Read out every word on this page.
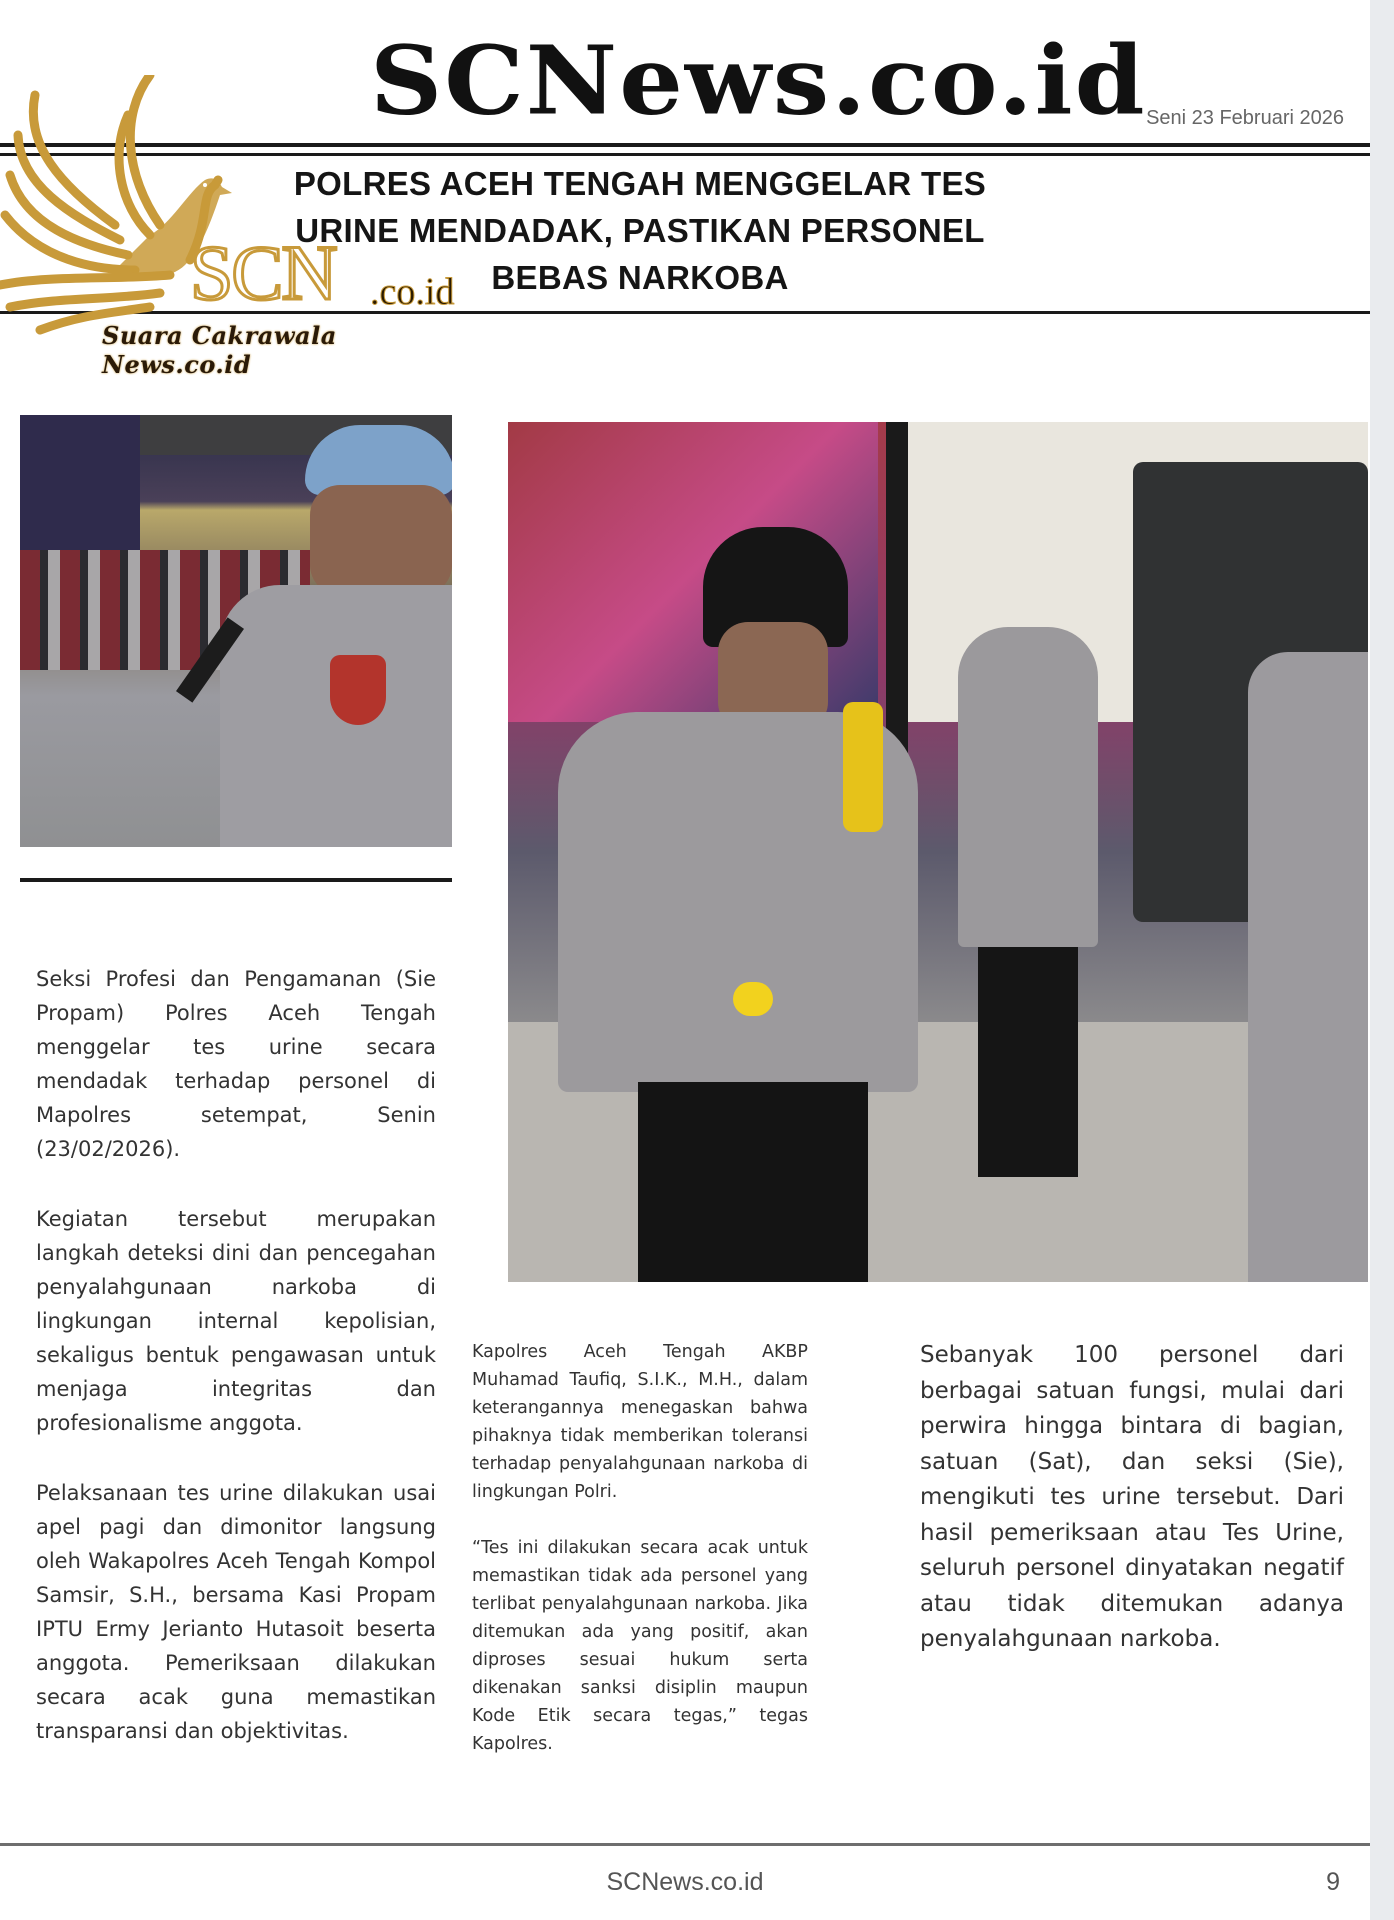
SCNews.co.id Seni 23 Februari 2026
POLRES ACEH TENGAH MENGGELAR TES URINE MENDADAK, PASTIKAN PERSONEL BEBAS NARKOBA
SCN .co.id
Suara Cakrawala News.co.id

Seksi Profesi dan Pengamanan (Sie Propam) Polres Aceh Tengah menggelar tes urine secara mendadak terhadap personel di Mapolres setempat, Senin (23/02/2026).

Kegiatan tersebut merupakan langkah deteksi dini dan pencegahan penyalahgunaan narkoba di lingkungan internal kepolisian, sekaligus bentuk pengawasan untuk menjaga integritas dan profesionalisme anggota.

Pelaksanaan tes urine dilakukan usai apel pagi dan dimonitor langsung oleh Wakapolres Aceh Tengah Kompol Samsir, S.H., bersama Kasi Propam IPTU Ermy Jerianto Hutasoit beserta anggota. Pemeriksaan dilakukan secara acak guna memastikan transparansi dan objektivitas.

Kapolres Aceh Tengah AKBP Muhamad Taufiq, S.I.K., M.H., dalam keterangannya menegaskan bahwa pihaknya tidak memberikan toleransi terhadap penyalahgunaan narkoba di lingkungan Polri.

“Tes ini dilakukan secara acak untuk memastikan tidak ada personel yang terlibat penyalahgunaan narkoba. Jika ditemukan ada yang positif, akan diproses sesuai hukum serta dikenakan sanksi disiplin maupun Kode Etik secara tegas,” tegas Kapolres.

Sebanyak 100 personel dari berbagai satuan fungsi, mulai dari perwira hingga bintara di bagian, satuan (Sat), dan seksi (Sie), mengikuti tes urine tersebut. Dari hasil pemeriksaan atau Tes Urine, seluruh personel dinyatakan negatif atau tidak ditemukan adanya penyalahgunaan narkoba.

SCNews.co.id	9
